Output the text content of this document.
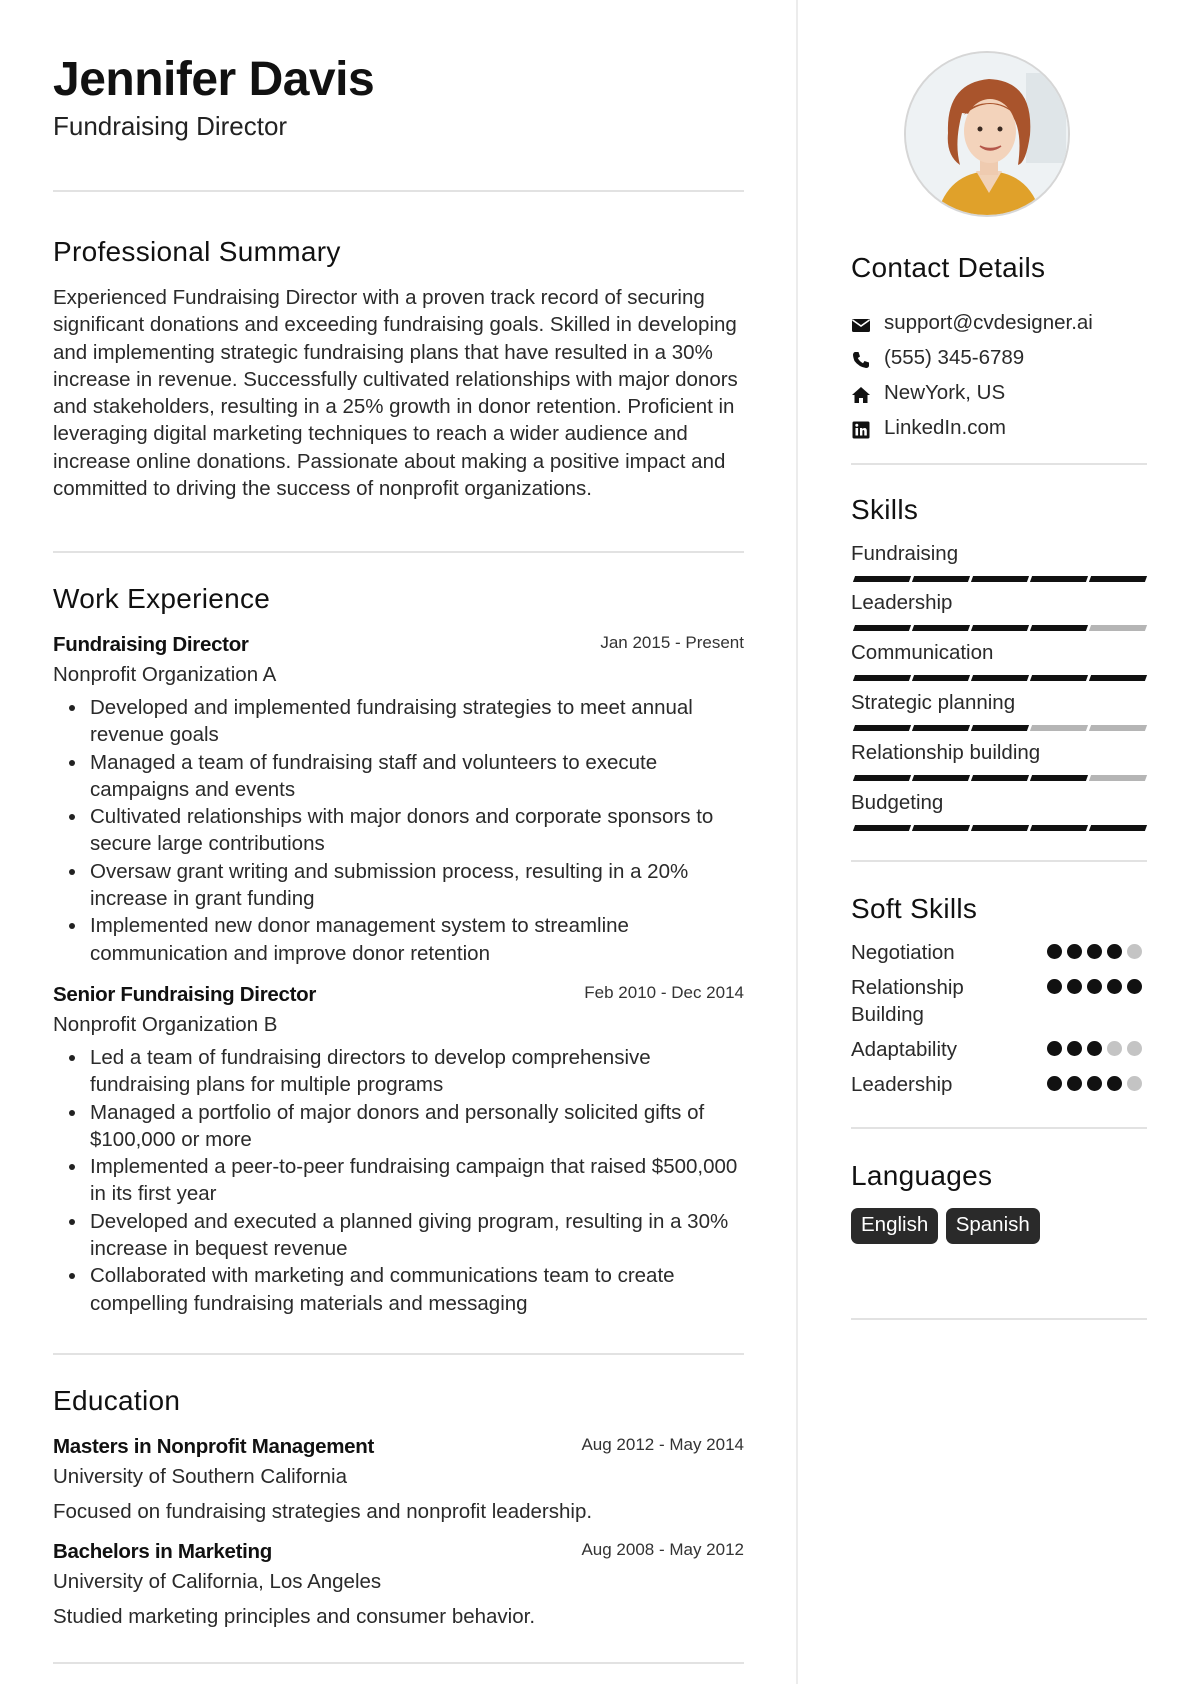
Jennifer Davis
Fundraising Director
Professional Summary
Experienced Fundraising Director with a proven track record of securing significant donations and exceeding fundraising goals. Skilled in developing and implementing strategic fundraising plans that have resulted in a 30% increase in revenue. Successfully cultivated relationships with major donors and stakeholders, resulting in a 25% growth in donor retention. Proficient in leveraging digital marketing techniques to reach a wider audience and increase online donations. Passionate about making a positive impact and committed to driving the success of nonprofit organizations.
Work Experience
Fundraising Director	Jan 2015 - Present
Nonprofit Organization A
Developed and implemented fundraising strategies to meet annual revenue goals
Managed a team of fundraising staff and volunteers to execute campaigns and events
Cultivated relationships with major donors and corporate sponsors to secure large contributions
Oversaw grant writing and submission process, resulting in a 20% increase in grant funding
Implemented new donor management system to streamline communication and improve donor retention
Senior Fundraising Director	Feb 2010 - Dec 2014
Nonprofit Organization B
Led a team of fundraising directors to develop comprehensive fundraising plans for multiple programs
Managed a portfolio of major donors and personally solicited gifts of $100,000 or more
Implemented a peer-to-peer fundraising campaign that raised $500,000 in its first year
Developed and executed a planned giving program, resulting in a 30% increase in bequest revenue
Collaborated with marketing and communications team to create compelling fundraising materials and messaging
Education
Masters in Nonprofit Management	Aug 2012 - May 2014
University of Southern California
Focused on fundraising strategies and nonprofit leadership.
Bachelors in Marketing	Aug 2008 - May 2012
University of California, Los Angeles
Studied marketing principles and consumer behavior.
Contact Details
support@cvdesigner.ai
(555) 345-6789
NewYork, US
LinkedIn.com
Skills
Fundraising
Leadership
Communication
Strategic planning
Relationship building
Budgeting
Soft Skills
Negotiation
Relationship Building
Adaptability
Leadership
Languages
English Spanish
